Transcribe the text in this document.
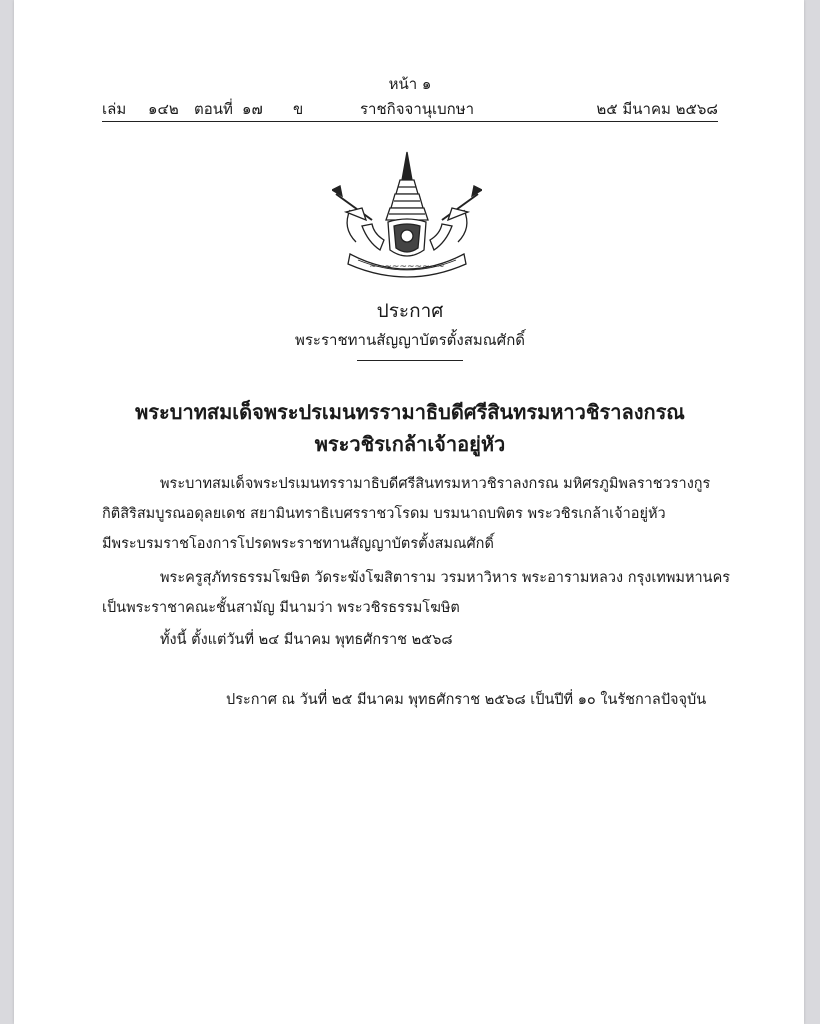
หน้า ๑
เล่ม ๑๔๒ ตอนที่ ๑๗ ข	ราชกิจจานุเบกษา	๒๕ มีนาคม ๒๕๖๘
~~~~~~~~~~
ประกาศ
พระราชทานสัญญาบัตรตั้งสมณศักดิ์
พระบาทสมเด็จพระปรเมนทรรามาธิบดีศรีสินทรมหาวชิราลงกรณ
พระวชิรเกล้าเจ้าอยู่หัว
พระบาทสมเด็จพระปรเมนทรรามาธิบดีศรีสินทรมหาวชิราลงกรณ มหิศรภูมิพลราชวรางกูร
กิติสิริสมบูรณอดุลยเดช สยามินทราธิเบศรราชวโรดม บรมนาถบพิตร พระวชิรเกล้าเจ้าอยู่หัว
มีพระบรมราชโองการโปรดพระราชทานสัญญาบัตรตั้งสมณศักดิ์
พระครูสุภัทรธรรมโฆษิต วัดระฆังโฆสิตาราม วรมหาวิหาร พระอารามหลวง กรุงเทพมหานคร
เป็นพระราชาคณะชั้นสามัญ มีนามว่า พระวชิรธรรมโฆษิต
ทั้งนี้ ตั้งแต่วันที่ ๒๔ มีนาคม พุทธศักราช ๒๕๖๘
ประกาศ ณ วันที่ ๒๕ มีนาคม พุทธศักราช ๒๕๖๘ เป็นปีที่ ๑๐ ในรัชกาลปัจจุบัน
